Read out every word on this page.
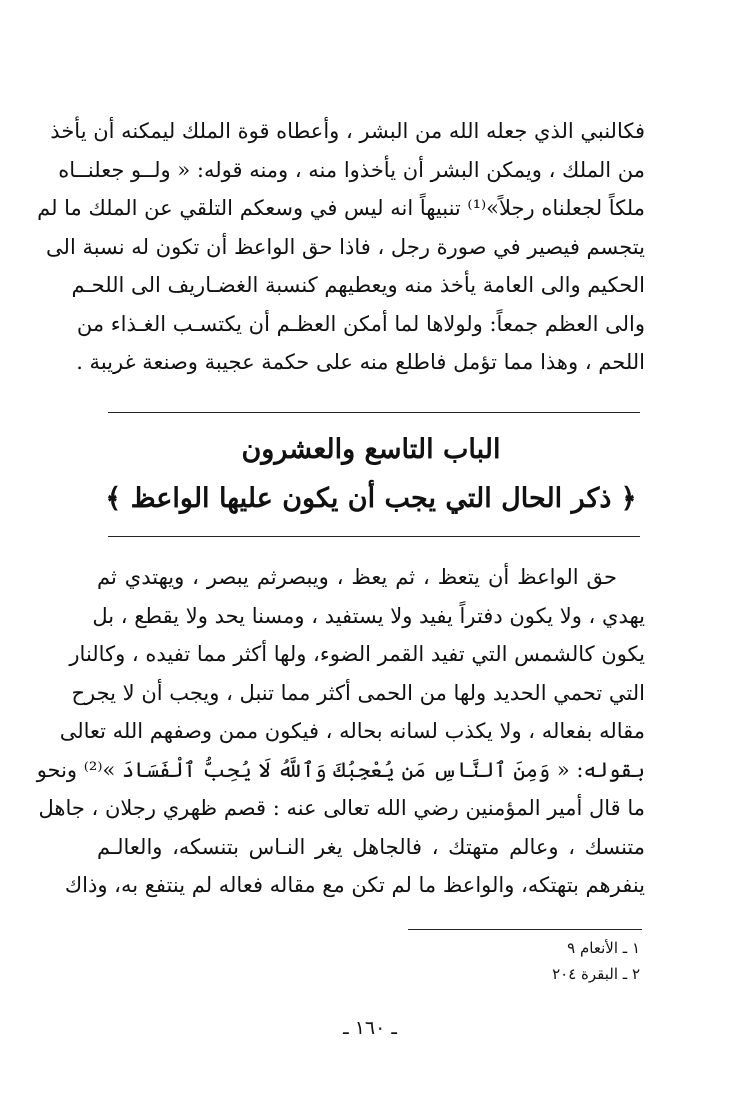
فكالنبي الذي جعله الله من البشر ، وأعطاه قوة الملك ليمكنه أن يأخذ
من الملك ، ويمكن البشر أن يأخذوا منه ، ومنه قوله: « ولــو جعلنــاه
ملكاً لجعلناه رجلاً»⁽¹⁾ تنبيهاً انه ليس في وسعكم التلقي عن الملك ما لم
يتجسم فيصير في صورة رجل ، فاذا حق الواعظ أن تكون له نسبة الى
الحكيم والى العامة يأخذ منه ويعطيهم كنسبة الغضـاريف الى اللحـم
والى العظم جمعاً: ولولاها لما أمكن العظـم أن يكتسـب الغـذاء من
اللحم ، وهذا مما تؤمل فاطلع منه على حكمة عجيبة وصنعة غريبة .
الباب التاسع والعشرون
﴿ ذكر الحال التي يجب أن يكون عليها الواعظ ﴾
حق الواعظ أن يتعظ ، ثم يعظ ، ويبصرثم يبصر ، ويهتدي ثم
يهدي ، ولا يكون دفتراً يفيد ولا يستفيد ، ومسنا يحد ولا يقطع ، بل
يكون كالشمس التي تفيد القمر الضوء، ولها أكثر مما تفيده ، وكالنار
التي تحمي الحديد ولها من الحمى أكثر مما تنبل ، ويجب أن لا يجرح
مقاله بفعاله ، ولا يكذب لسانه بحاله ، فيكون ممن وصفهم الله تعالى
بقوله: « وَمِنَ ٱلنَّاسِ مَن يُعْجِبُكَ وَٱللَّهُ لَا يُحِبُّ ٱلْفَسَادَ »⁽²⁾ ونحو
ما قال أمير المؤمنين رضي الله تعالى عنه : قصم ظهري رجلان ، جاهل
متنسك ، وعالم متهتك ، فالجاهل يغر النـاس بتنسكه، والعالـم
ينفرهم بتهتكه، والواعظ ما لم تكن مع مقاله فعاله لم ينتفع به، وذاك
١ ـ الأنعام ٩
٢ ـ البقرة ٢٠٤
ـ ١٦٠ ـ
